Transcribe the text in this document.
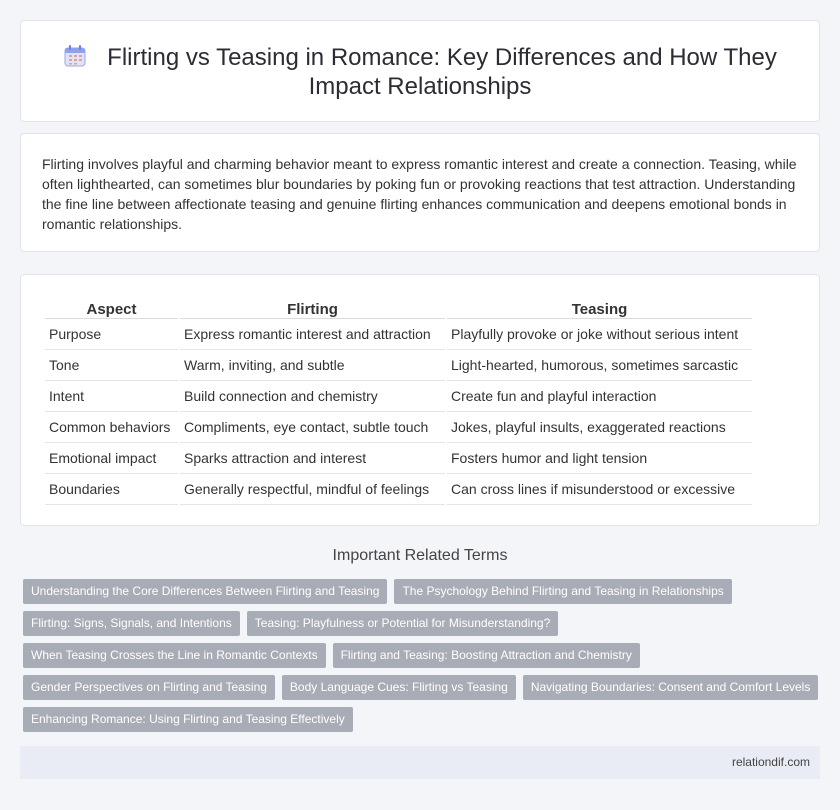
Flirting vs Teasing in Romance: Key Differences and How They Impact Relationships

Flirting involves playful and charming behavior meant to express romantic interest and create a connection. Teasing, while often lighthearted, can sometimes blur boundaries by poking fun or provoking reactions that test attraction. Understanding the fine line between affectionate teasing and genuine flirting enhances communication and deepens emotional bonds in romantic relationships.

Aspect	Flirting	Teasing
Purpose	Express romantic interest and attraction	Playfully provoke or joke without serious intent
Tone	Warm, inviting, and subtle	Light-hearted, humorous, sometimes sarcastic
Intent	Build connection and chemistry	Create fun and playful interaction
Common behaviors	Compliments, eye contact, subtle touch	Jokes, playful insults, exaggerated reactions
Emotional impact	Sparks attraction and interest	Fosters humor and light tension
Boundaries	Generally respectful, mindful of feelings	Can cross lines if misunderstood or excessive
Important Related Terms
Understanding the Core Differences Between Flirting and Teasing	The Psychology Behind Flirting and Teasing in Relationships
Flirting: Signs, Signals, and Intentions	Teasing: Playfulness or Potential for Misunderstanding?
When Teasing Crosses the Line in Romantic Contexts	Flirting and Teasing: Boosting Attraction and Chemistry
Gender Perspectives on Flirting and Teasing	Body Language Cues: Flirting vs Teasing	Navigating Boundaries: Consent and Comfort Levels
Enhancing Romance: Using Flirting and Teasing Effectively
relationdif.com
